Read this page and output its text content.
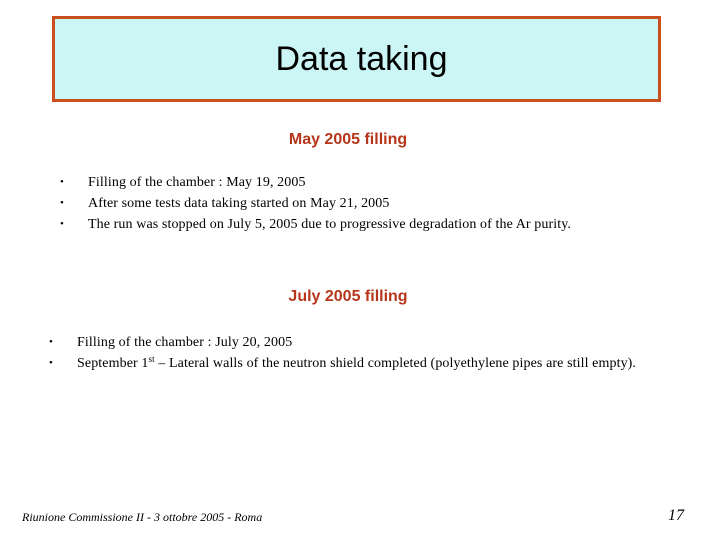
Data taking
May 2005 filling
• Filling of the chamber : May 19, 2005
• After some tests data taking started on May 21, 2005
• The run was stopped on July 5, 2005 due to progressive degradation of the Ar purity.
July 2005 filling
• Filling of the chamber : July 20, 2005
• September 1st – Lateral walls of the neutron shield completed (polyethylene pipes are still empty).
Riunione Commissione II - 3 ottobre 2005 - Roma	17
